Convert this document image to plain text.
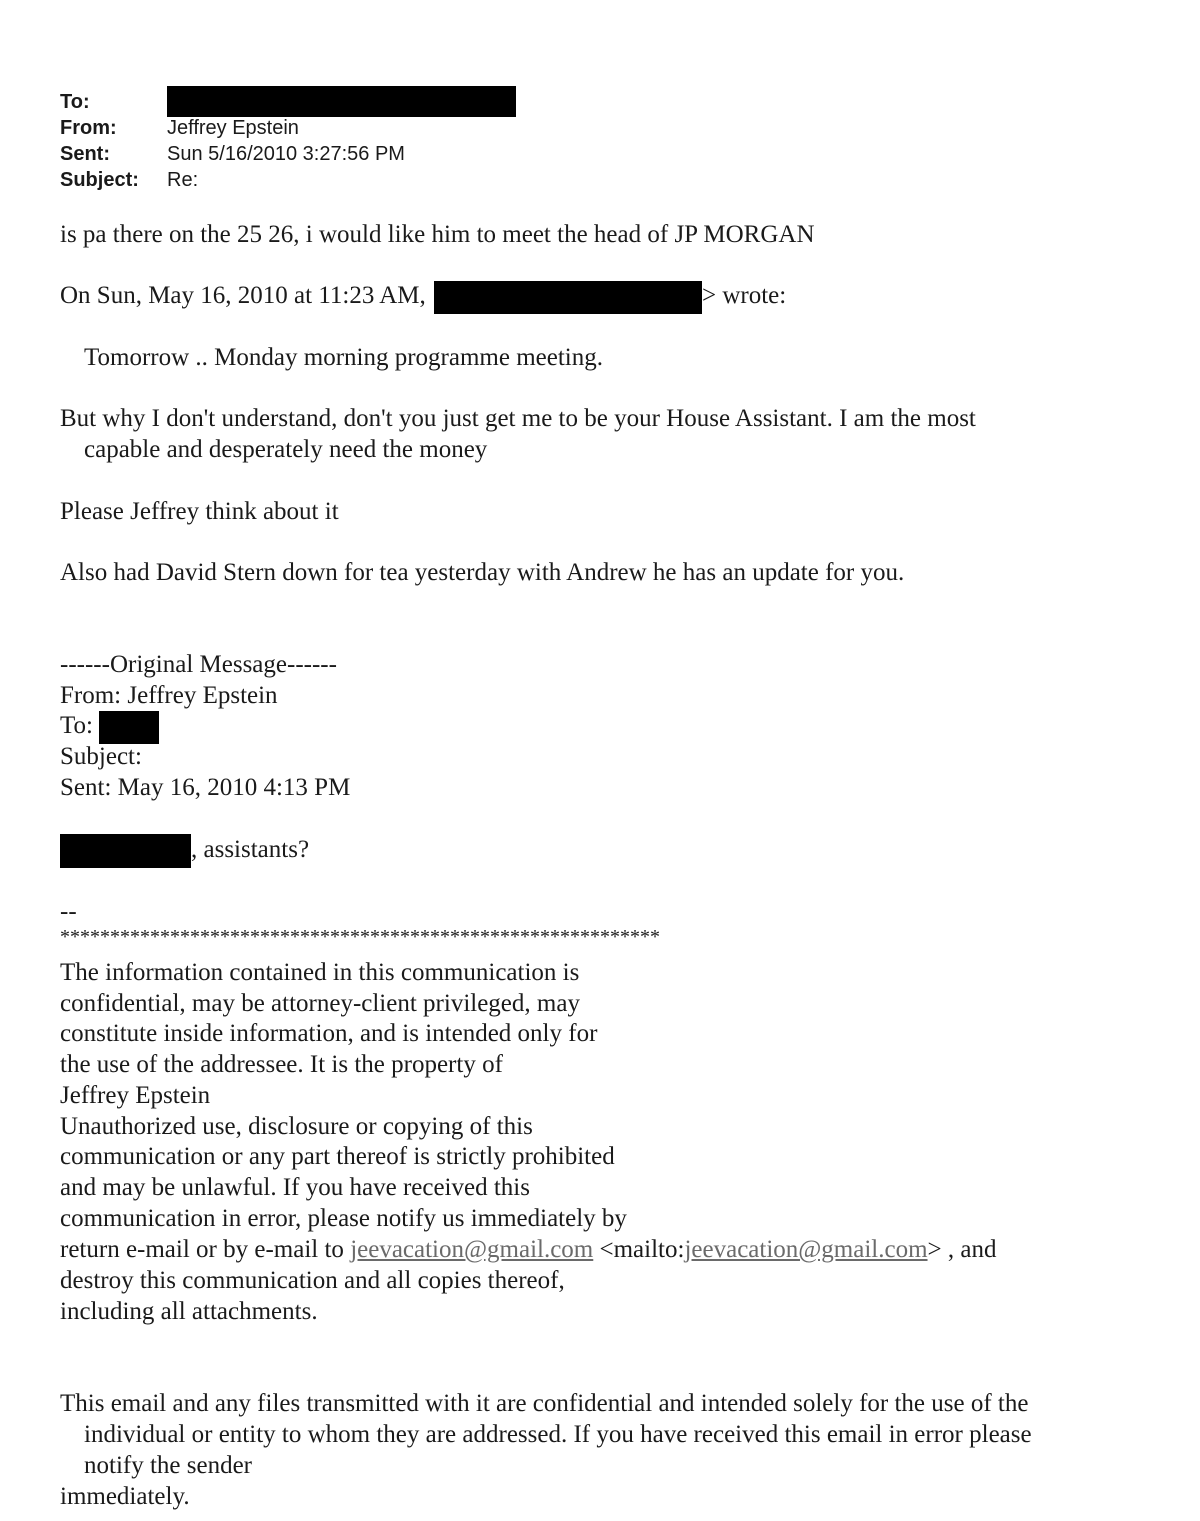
To:
From:	Jeffrey Epstein
Sent:	Sun 5/16/2010 3:27:56 PM
Subject: Re:
is pa there on the 25 26, i would like him to meet the head of JP MORGAN
On Sun, May 16, 2010 at 11:23 AM,	> wrote:
Tomorrow .. Monday morning programme meeting.
But why I don't understand, don't you just get me to be your House Assistant. I am the most
capable and desperately need the money
Please Jeffrey think about it
Also had David Stern down for tea yesterday with Andrew he has an update for you.
------Original Message------
From: Jeffrey Epstein
To:
Subject:
Sent: May 16, 2010 4:13 PM
, assistants?
--
************************************************************
The information contained in this communication is
confidential, may be attorney-client privileged, may
constitute inside information, and is intended only for
the use of the addressee. It is the property of
Jeffrey Epstein
Unauthorized use, disclosure or copying of this
communication or any part thereof is strictly prohibited
and may be unlawful. If you have received this
communication in error, please notify us immediately by
return e-mail or by e-mail to jeevacation@gmail.com <mailto:jeevacation@gmail.com> , and
destroy this communication and all copies thereof,
including all attachments.
This email and any files transmitted with it are confidential and intended solely for the use of the
individual or entity to whom they are addressed. If you have received this email in error please
notify the sender
immediately.
